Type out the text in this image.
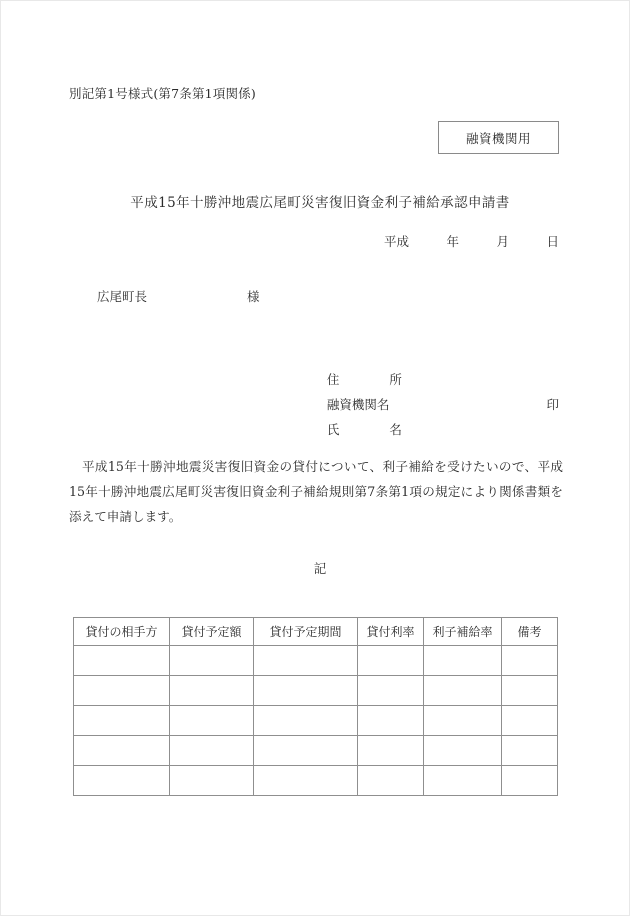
別記第1号様式(第7条第1項関係)
融資機関用
平成15年十勝沖地震広尾町災害復旧資金利子補給承認申請書
平成　　　年　　　月　　　日
広尾町長　　　　　　　　様

住　　　　所

融資機関名

氏　　　　名

印

平成15年十勝沖地震災害復旧資金の貸付について、利子補給を受けたいので、平成15年十勝沖地震広尾町災害復旧資金利子補給規則第7条第1項の規定により関係書類を添えて申請します。
記
貸付の相手方	貸付予定額	貸付予定期間	貸付利率	利子補給率	備考
